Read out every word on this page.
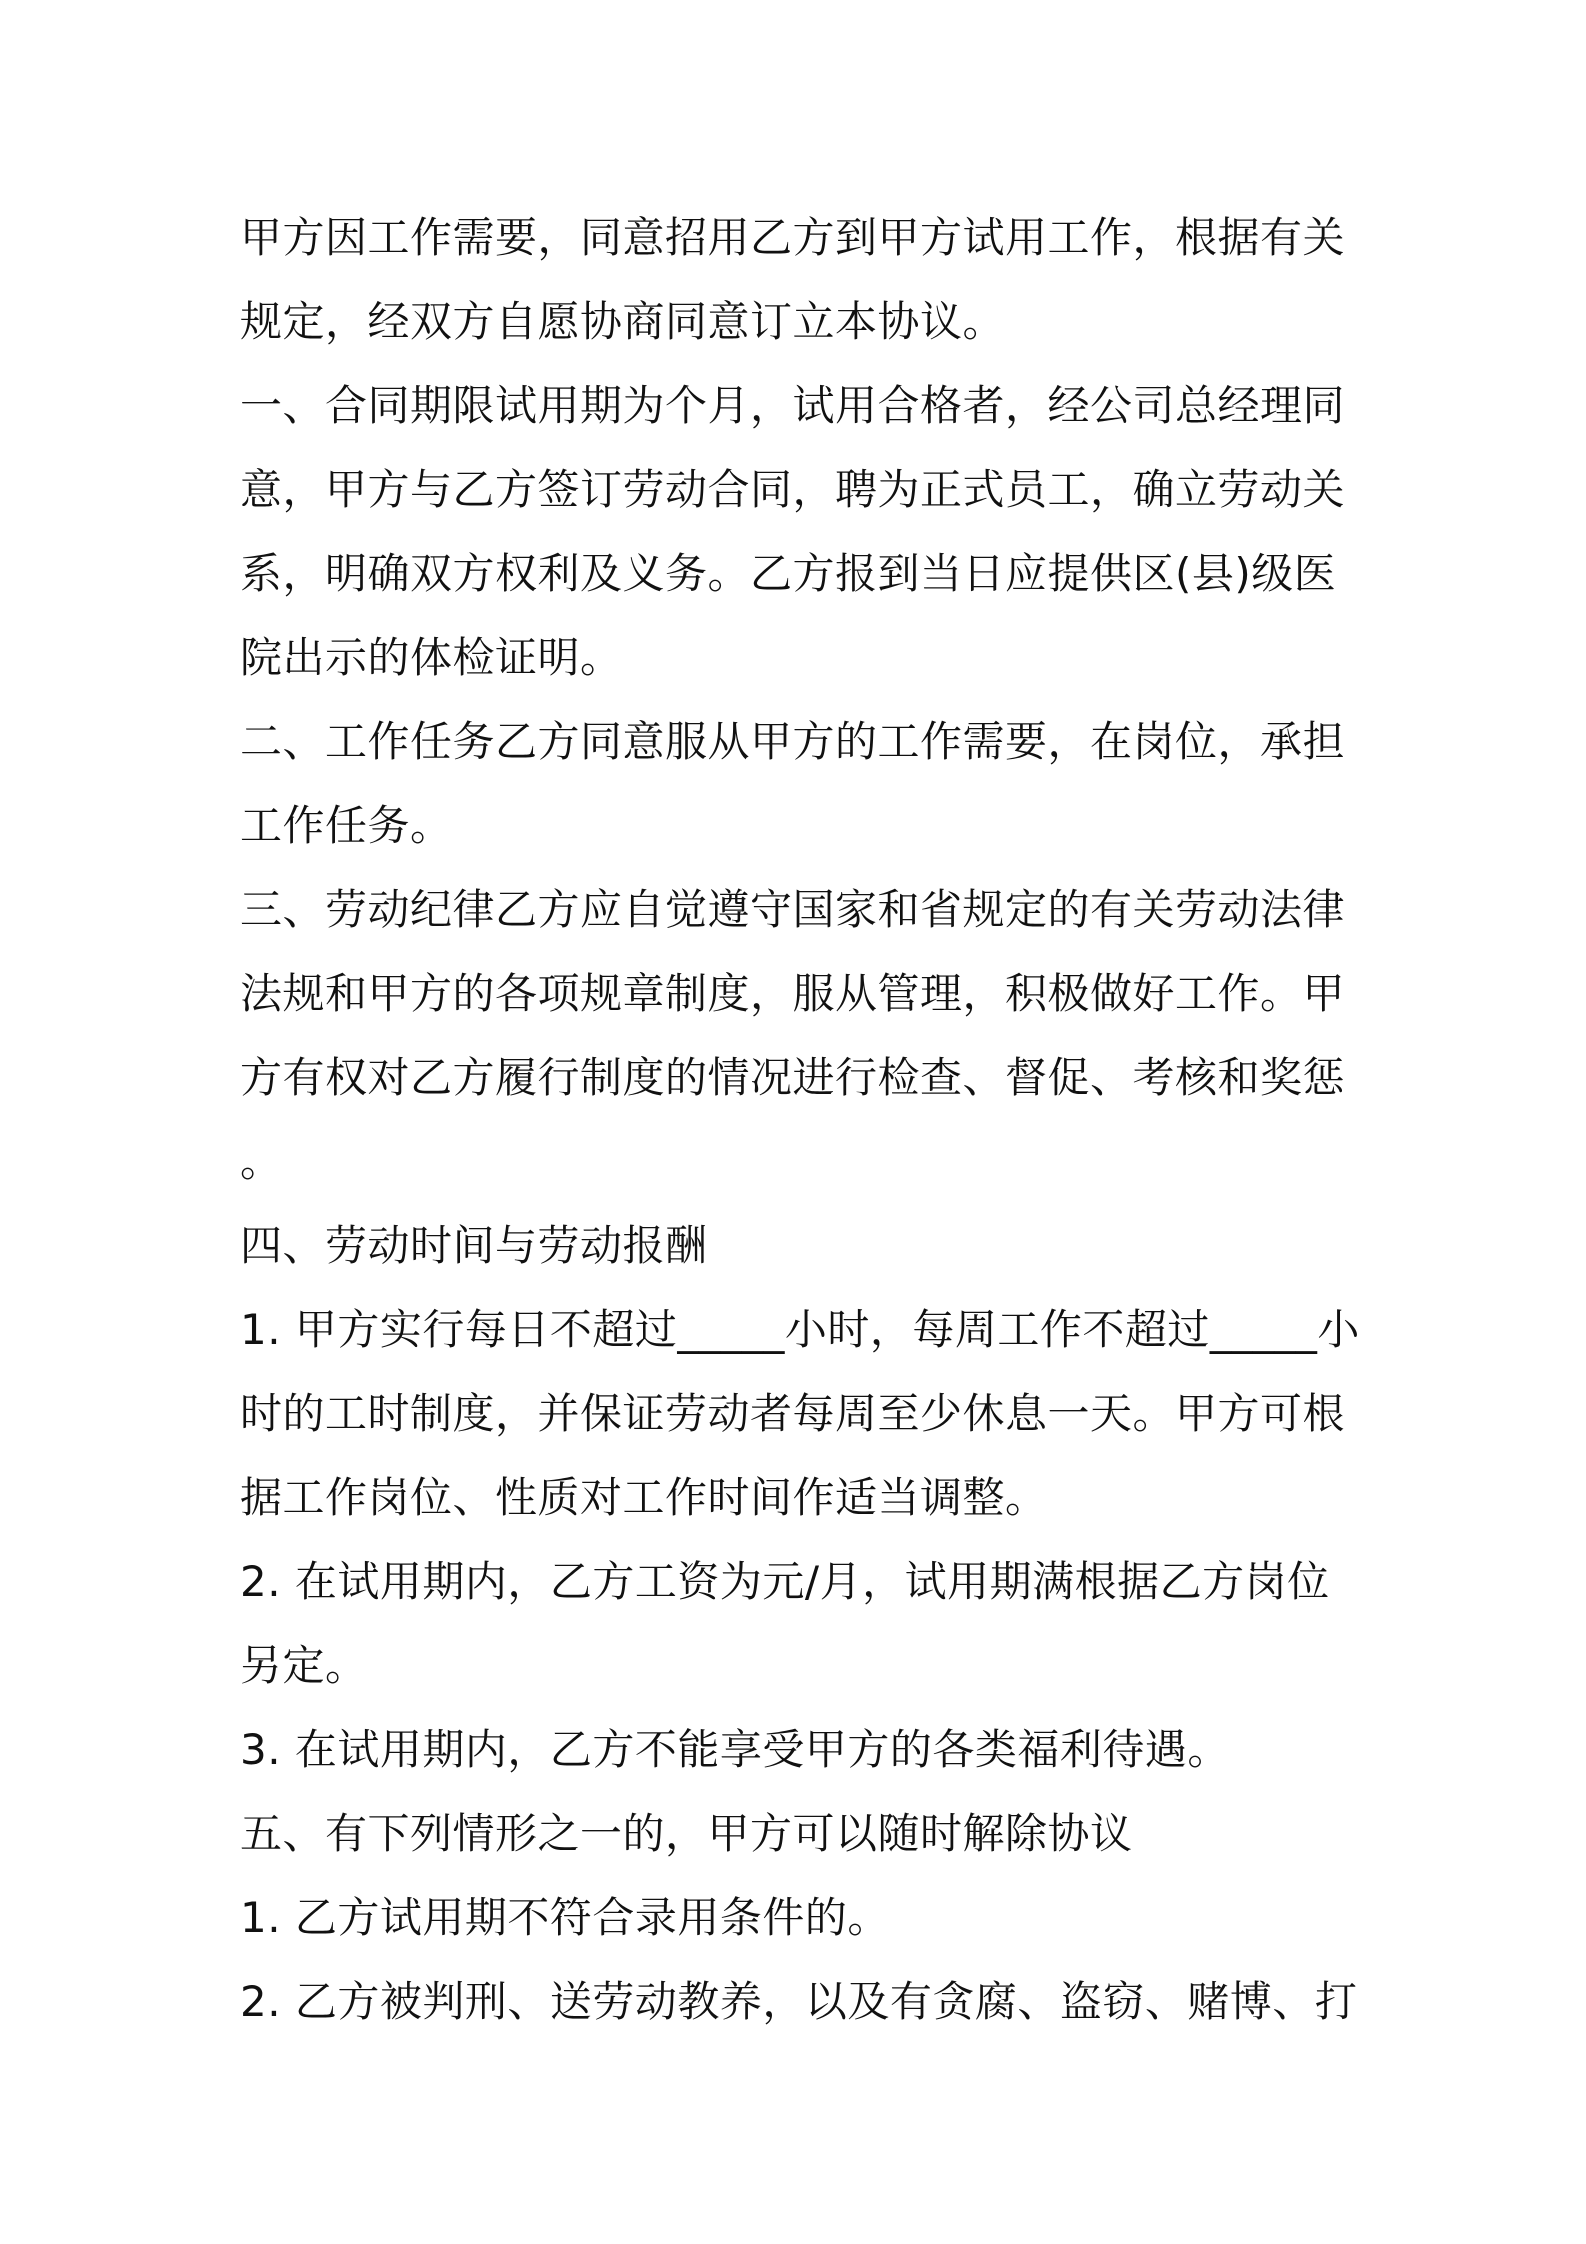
甲方因工作需要，同意招用乙方到甲方试用工作，根据有关
规定，经双方自愿协商同意订立本协议。
一、合同期限试用期为个月，试用合格者，经公司总经理同
意，甲方与乙方签订劳动合同，聘为正式员工，确立劳动关
系，明确双方权利及义务。乙方报到当日应提供区(县)级医
院出示的体检证明。
二、工作任务乙方同意服从甲方的工作需要，在岗位，承担
工作任务。
三、劳动纪律乙方应自觉遵守国家和省规定的有关劳动法律
法规和甲方的各项规章制度，服从管理，积极做好工作。甲
方有权对乙方履行制度的情况进行检查、督促、考核和奖惩
。
四、劳动时间与劳动报酬
1. 甲方实行每日不超过_____小时，每周工作不超过_____小
时的工时制度，并保证劳动者每周至少休息一天。甲方可根
据工作岗位、性质对工作时间作适当调整。
2. 在试用期内，乙方工资为元/月，试用期满根据乙方岗位
另定。
3. 在试用期内，乙方不能享受甲方的各类福利待遇。
五、有下列情形之一的，甲方可以随时解除协议
1. 乙方试用期不符合录用条件的。
2. 乙方被判刑、送劳动教养，以及有贪腐、盗窃、赌博、打
